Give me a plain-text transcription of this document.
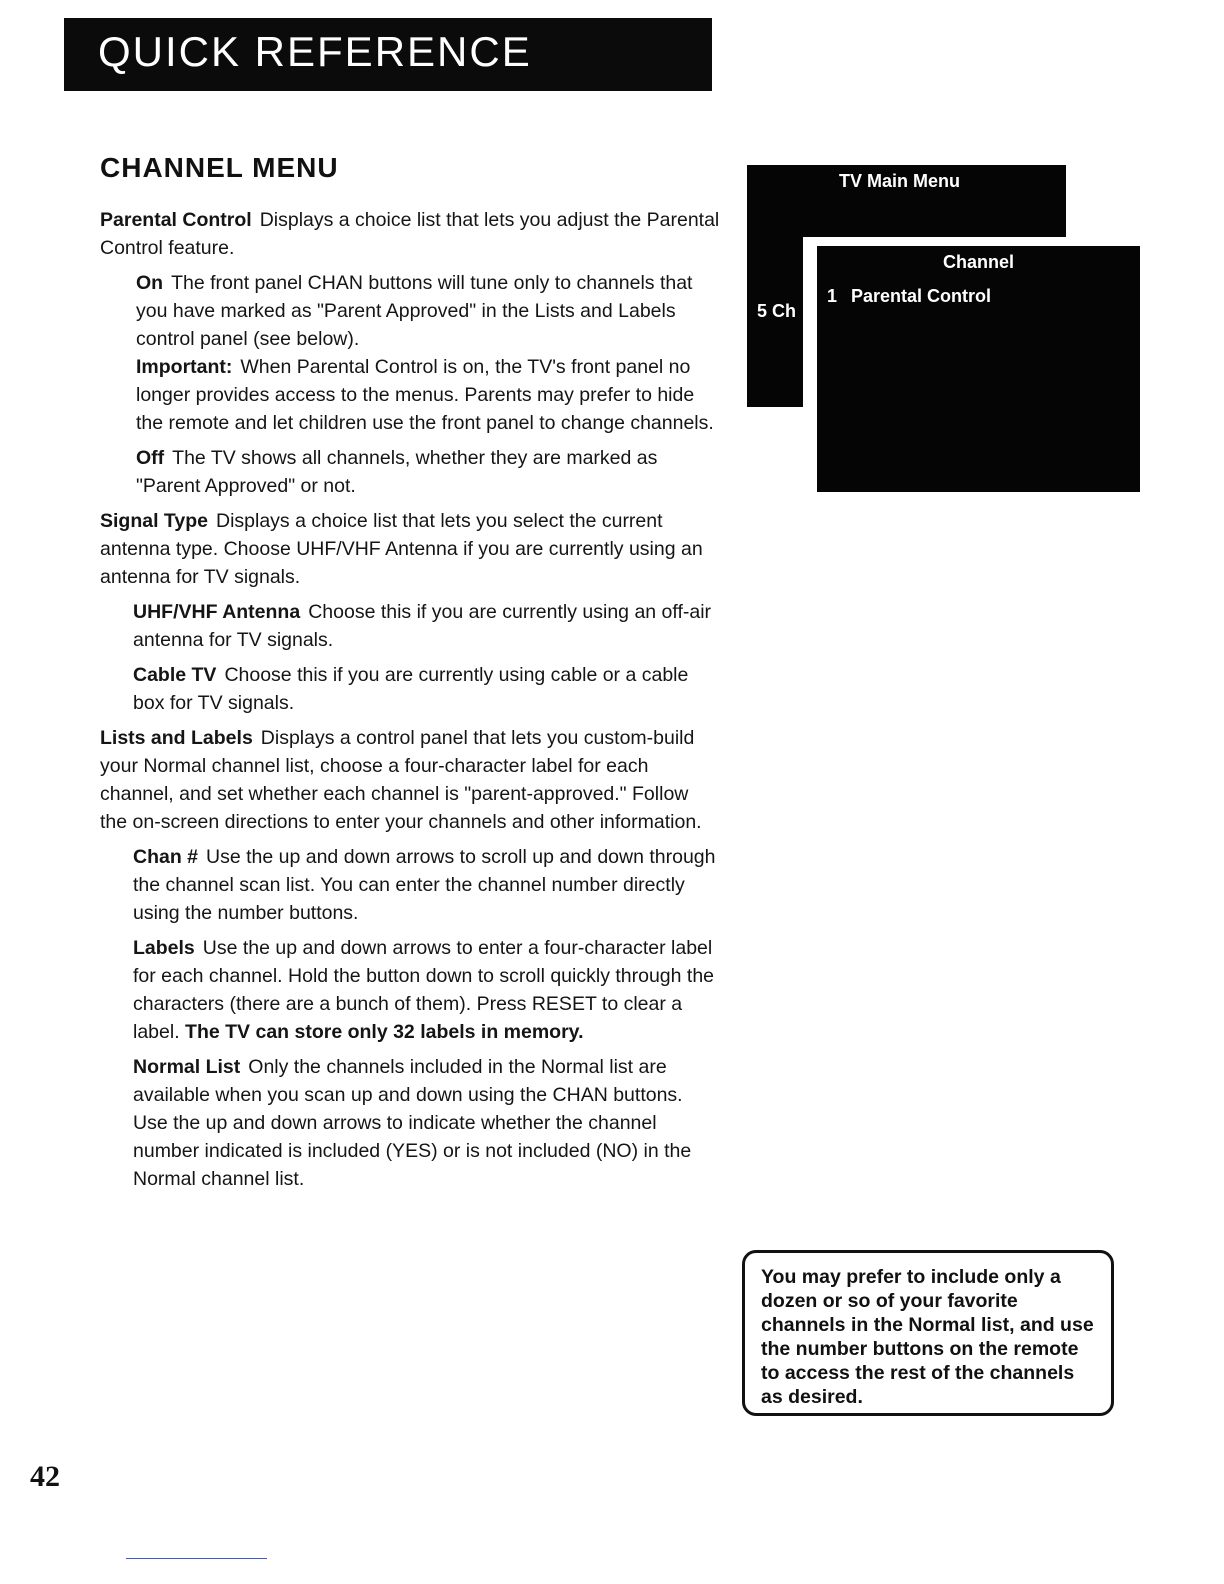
QUICK REFERENCE
CHANNEL MENU

Parental Control Displays a choice list that lets you adjust the Parental Control feature.

On The front panel CHAN buttons will tune only to channels that you have marked as "Parent Approved" in the Lists and Labels control panel (see below).

Important: When Parental Control is on, the TV's front panel no longer provides access to the menus. Parents may prefer to hide the remote and let children use the front panel to change channels.

Off The TV shows all channels, whether they are marked as "Parent Approved" or not.

Signal Type Displays a choice list that lets you select the current antenna type. Choose UHF/VHF Antenna if you are currently using an antenna for TV signals.

UHF/VHF Antenna Choose this if you are currently using an off-air antenna for TV signals.

Cable TV Choose this if you are currently using cable or a cable box for TV signals.

Lists and Labels Displays a control panel that lets you custom-build your Normal channel list, choose a four-character label for each channel, and set whether each channel is "parent-approved." Follow the on-screen directions to enter your channels and other information.

Chan # Use the up and down arrows to scroll up and down through the channel scan list. You can enter the channel number directly using the number buttons.

Labels Use the up and down arrows to enter a four-character label for each channel. Hold the button down to scroll quickly through the characters (there are a bunch of them). Press RESET to clear a label. The TV can store only 32 labels in memory.

Normal List Only the channels included in the Normal list are available when you scan up and down using the CHAN buttons. Use the up and down arrows to indicate whether the channel number indicated is included (YES) or is not included (NO) in the Normal channel list.

TV Main Menu
5 Ch
Channel
1 Parental Control
You may prefer to include only a dozen or so of your favorite channels in the Normal list, and use the number buttons on the remote to access the rest of the channels as desired.
42
